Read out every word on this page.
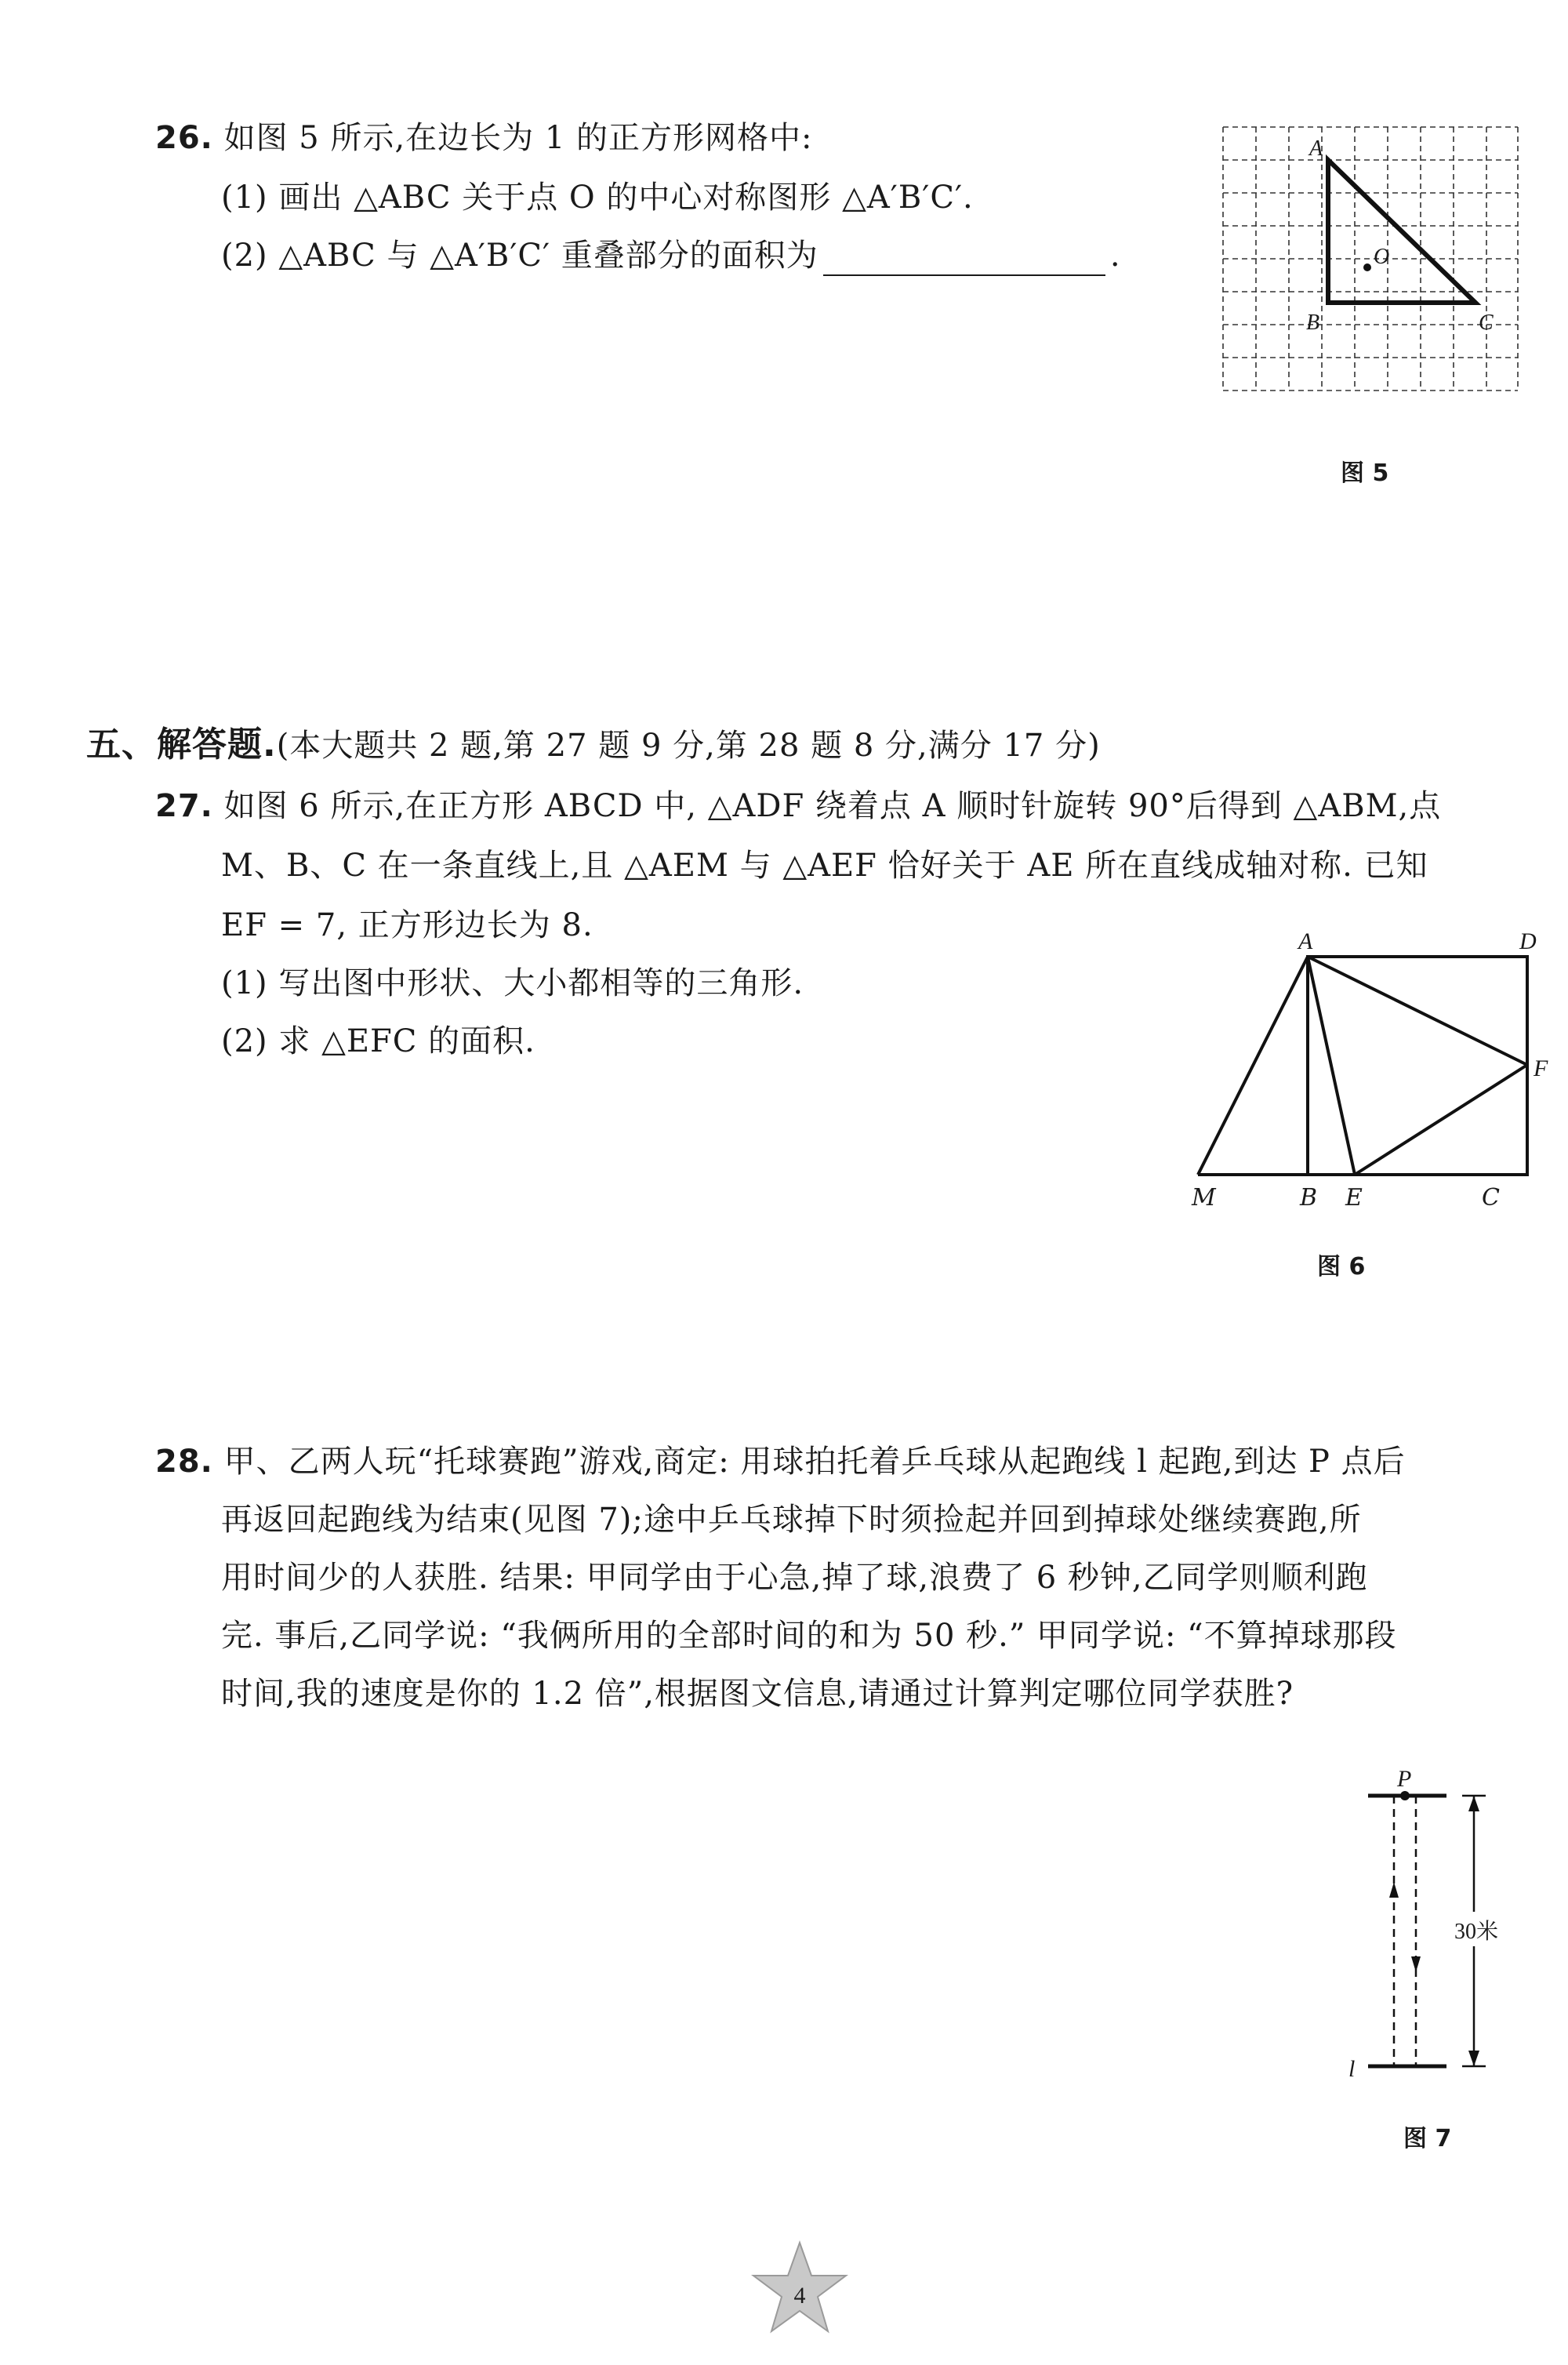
26. 如图 5 所示,在边长为 1 的正方形网格中:
(1) 画出 △ABC 关于点 O 的中心对称图形 △A′B′C′.
(2) △ABC 与 △A′B′C′ 重叠部分的面积为	.
A
B	C
O
图 5
五、解答题.(本大题共 2 题,第 27 题 9 分,第 28 题 8 分,满分 17 分)
27. 如图 6 所示,在正方形 ABCD 中, △ADF 绕着点 A 顺时针旋转 90°后得到 △ABM,点
M、B、C 在一条直线上,且 △AEM 与 △AEF 恰好关于 AE 所在直线成轴对称. 已知
EF = 7, 正方形边长为 8.
(1) 写出图中形状、大小都相等的三角形.
(2) 求 △EFC 的面积.
A	D
F
M	B E	C
图 6
28. 甲、乙两人玩“托球赛跑”游戏,商定: 用球拍托着乒乓球从起跑线 l 起跑,到达 P 点后
再返回起跑线为结束(见图 7);途中乒乓球掉下时须捡起并回到掉球处继续赛跑,所
用时间少的人获胜. 结果: 甲同学由于心急,掉了球,浪费了 6 秒钟,乙同学则顺利跑
完. 事后,乙同学说: “我俩所用的全部时间的和为 50 秒.” 甲同学说: “不算掉球那段
时间,我的速度是你的 1.2 倍”,根据图文信息,请通过计算判定哪位同学获胜?
P
l
30米
图 7
4
